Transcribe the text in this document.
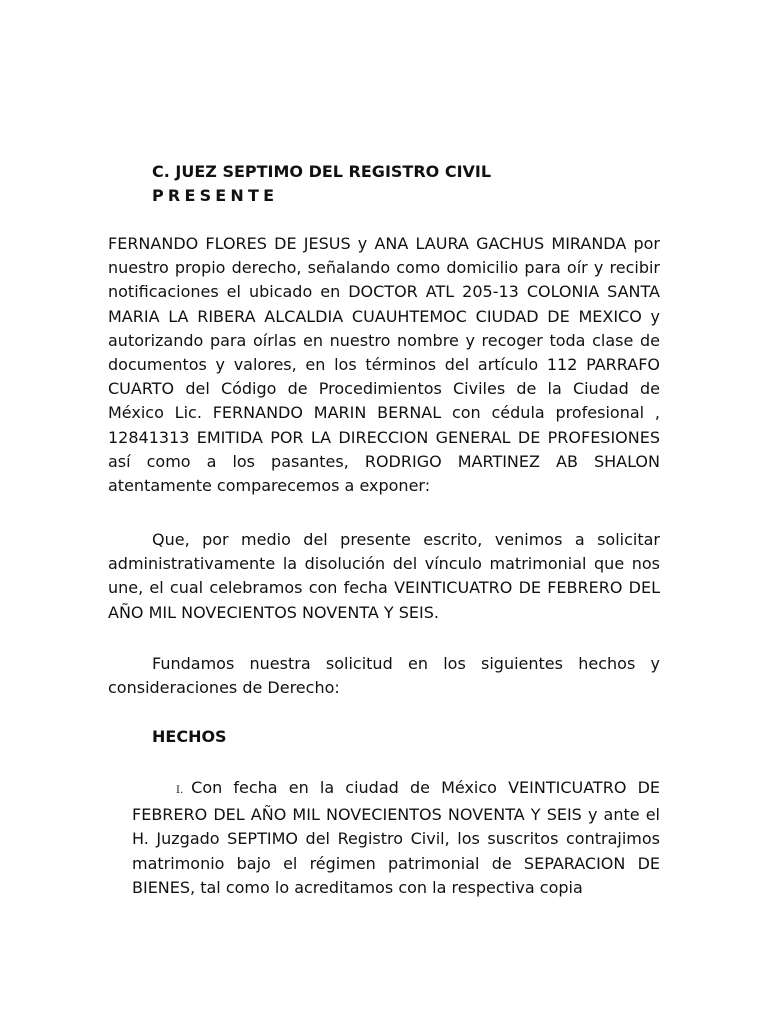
C. JUEZ SEPTIMO DEL REGISTRO CIVIL
PRESENTE

FERNANDO FLORES DE JESUS y ANA LAURA GACHUS MIRANDA por nuestro propio derecho, señalando como domicilio para oír y recibir notificaciones el ubicado en DOCTOR ATL 205-13 COLONIA SANTA MARIA LA RIBERA ALCALDIA CUAUHTEMOC CIUDAD DE MEXICO y autorizando para oírlas en nuestro nombre y recoger toda clase de documentos y valores, en los términos del artículo 112 PARRAFO CUARTO del Código de Procedimientos Civiles de la Ciudad de México Lic. FERNANDO MARIN BERNAL con cédula profesional , 12841313 EMITIDA POR LA DIRECCION GENERAL DE PROFESIONES así como a los pasantes, RODRIGO MARTINEZ AB SHALON atentamente comparecemos a exponer:

Que, por medio del presente escrito, venimos a solicitar administrativamente la disolución del vínculo matrimonial que nos une, el cual celebramos con fecha VEINTICUATRO DE FEBRERO DEL AÑO MIL NOVECIENTOS NOVENTA Y SEIS.

Fundamos nuestra solicitud en los siguientes hechos y consideraciones de Derecho:

HECHOS

I. Con fecha en la ciudad de México VEINTICUATRO DE FEBRERO DEL AÑO MIL NOVECIENTOS NOVENTA Y SEIS y ante el H. Juzgado SEPTIMO del Registro Civil, los suscritos contrajimos matrimonio bajo el régimen patrimonial de SEPARACION DE BIENES, tal como lo acreditamos con la respectiva copia
